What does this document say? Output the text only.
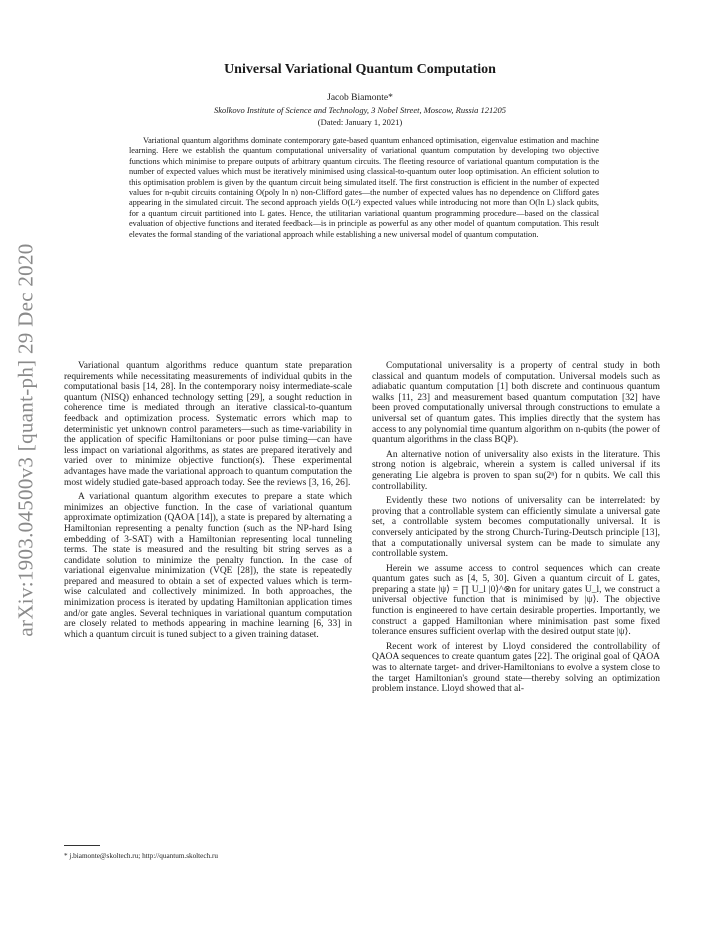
arXiv:1903.04500v3 [quant-ph] 29 Dec 2020
Universal Variational Quantum Computation
Jacob Biamonte*
Skolkovo Institute of Science and Technology, 3 Nobel Street, Moscow, Russia 121205
(Dated: January 1, 2021)
Variational quantum algorithms dominate contemporary gate-based quantum enhanced optimisation, eigenvalue estimation and machine learning. Here we establish the quantum computational universality of variational quantum computation by developing two objective functions which minimise to prepare outputs of arbitrary quantum circuits. The fleeting resource of variational quantum computation is the number of expected values which must be iteratively minimised using classical-to-quantum outer loop optimisation. An efficient solution to this optimisation problem is given by the quantum circuit being simulated itself. The first construction is efficient in the number of expected values for n-qubit circuits containing O(poly ln n) non-Clifford gates—the number of expected values has no dependence on Clifford gates appearing in the simulated circuit. The second approach yields O(L²) expected values while introducing not more than O(ln L) slack qubits, for a quantum circuit partitioned into L gates. Hence, the utilitarian variational quantum programming procedure—based on the classical evaluation of objective functions and iterated feedback—is in principle as powerful as any other model of quantum computation. This result elevates the formal standing of the variational approach while establishing a new universal model of quantum computation.

Variational quantum algorithms reduce quantum state preparation requirements while necessitating measurements of individual qubits in the computational basis [14, 28]. In the contemporary noisy intermediate-scale quantum (NISQ) enhanced technology setting [29], a sought reduction in coherence time is mediated through an iterative classical-to-quantum feedback and optimization process. Systematic errors which map to deterministic yet unknown control parameters—such as time-variability in the application of specific Hamiltonians or poor pulse timing—can have less impact on variational algorithms, as states are prepared iteratively and varied over to minimize objective function(s). These experimental advantages have made the variational approach to quantum computation the most widely studied gate-based approach today. See the reviews [3, 16, 26].

A variational quantum algorithm executes to prepare a state which minimizes an objective function. In the case of variational quantum approximate optimization (QAOA [14]), a state is prepared by alternating a Hamiltonian representing a penalty function (such as the NP-hard Ising embedding of 3-SAT) with a Hamiltonian representing local tunneling terms. The state is measured and the resulting bit string serves as a candidate solution to minimize the penalty function. In the case of variational eigenvalue minimization (VQE [28]), the state is repeatedly prepared and measured to obtain a set of expected values which is term-wise calculated and collectively minimized. In both approaches, the minimization process is iterated by updating Hamiltonian application times and/or gate angles. Several techniques in variational quantum computation are closely related to methods appearing in machine learning [6, 33] in which a quantum circuit is tuned subject to a given training dataset.

Computational universality is a property of central study in both classical and quantum models of computation. Universal models such as adiabatic quantum computation [1] both discrete and continuous quantum walks [11, 23] and measurement based quantum computation [32] have been proved computationally universal through constructions to emulate a universal set of quantum gates. This implies directly that the system has access to any polynomial time quantum algorithm on n-qubits (the power of quantum algorithms in the class BQP).

An alternative notion of universality also exists in the literature. This strong notion is algebraic, wherein a system is called universal if its generating Lie algebra is proven to span su(2ⁿ) for n qubits. We call this controllability.

Evidently these two notions of universality can be interrelated: by proving that a controllable system can efficiently simulate a universal gate set, a controllable system becomes computationally universal. It is conversely anticipated by the strong Church-Turing-Deutsch principle [13], that a computationally universal system can be made to simulate any controllable system.

Herein we assume access to control sequences which can create quantum gates such as [4, 5, 30]. Given a quantum circuit of L gates, preparing a state |ψ⟩ = ∏ U_l |0⟩^⊗n for unitary gates U_l, we construct a universal objective function that is minimised by |ψ⟩. The objective function is engineered to have certain desirable properties. Importantly, we construct a gapped Hamiltonian where minimisation past some fixed tolerance ensures sufficient overlap with the desired output state |ψ⟩.

Recent work of interest by Lloyd considered the controllability of QAOA sequences to create quantum gates [22]. The original goal of QAOA was to alternate target- and driver-Hamiltonians to evolve a system close to the target Hamiltonian's ground state—thereby solving an optimization problem instance. Lloyd showed that al-

* j.biamonte@skoltech.ru; http://quantum.skoltech.ru
